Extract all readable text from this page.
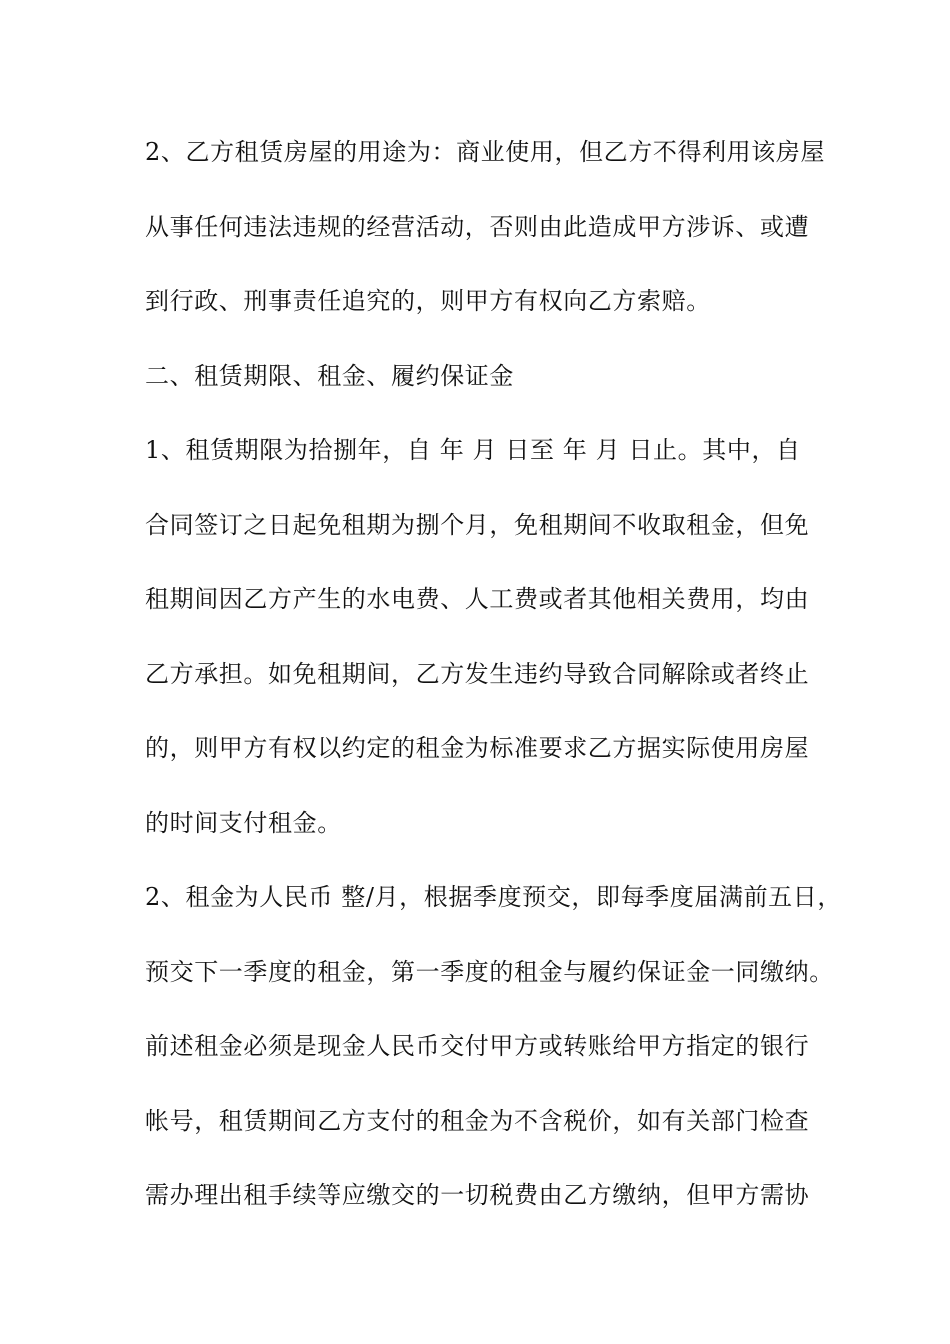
2、乙方租赁房屋的用途为：商业使用，但乙方不得利用该房屋
从事任何违法违规的经营活动，否则由此造成甲方涉诉、或遭
到行政、刑事责任追究的，则甲方有权向乙方索赔。
二、租赁期限、租金、履约保证金
1、租赁期限为拾捌年，自 年 月 日至 年 月 日止。其中，自
合同签订之日起免租期为捌个月，免租期间不收取租金，但免
租期间因乙方产生的水电费、人工费或者其他相关费用，均由
乙方承担。如免租期间，乙方发生违约导致合同解除或者终止
的，则甲方有权以约定的租金为标准要求乙方据实际使用房屋
的时间支付租金。
2、租金为人民币 整/月，根据季度预交，即每季度届满前五日，
预交下一季度的租金，第一季度的租金与履约保证金一同缴纳。
前述租金必须是现金人民币交付甲方或转账给甲方指定的银行
帐号，租赁期间乙方支付的租金为不含税价，如有关部门检查
需办理出租手续等应缴交的一切税费由乙方缴纳，但甲方需协
